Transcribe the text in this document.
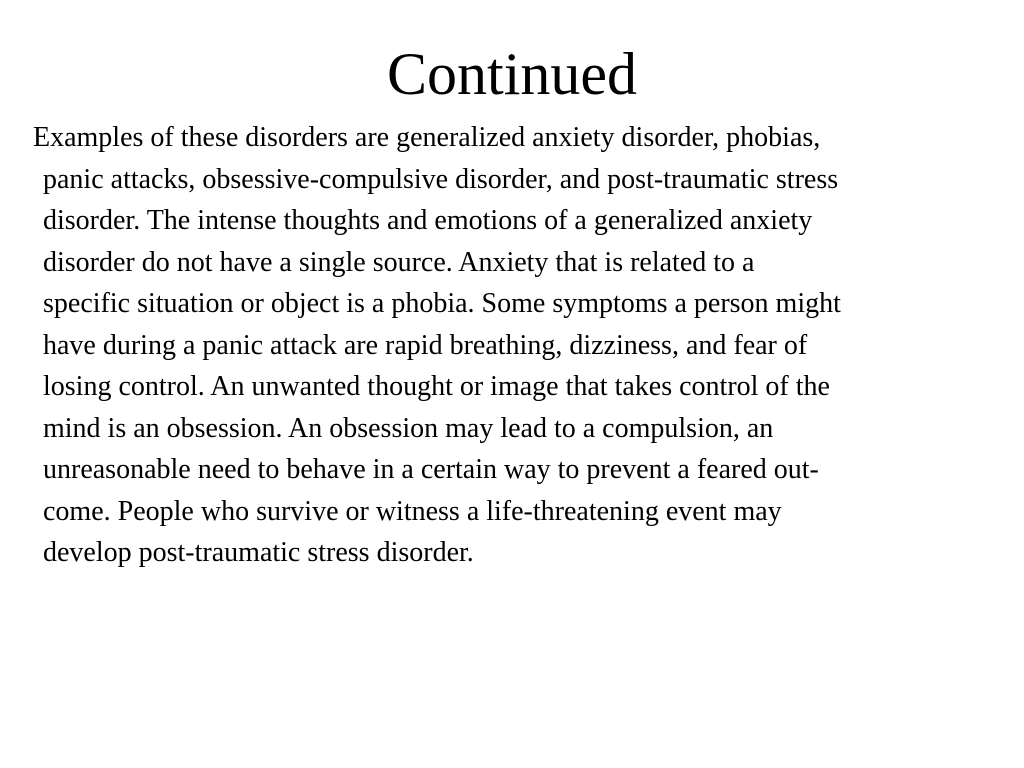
Continued

Examples of these disorders are generalized anxiety disorder, phobias,
panic attacks, obsessive-compulsive disorder, and post-traumatic stress
disorder. The intense thoughts and emotions of a generalized anxiety
disorder do not have a single source. Anxiety that is related to a
specific situation or object is a phobia. Some symptoms a person might
have during a panic attack are rapid breathing, dizziness, and fear of
losing control. An unwanted thought or image that takes control of the
mind is an obsession. An obsession may lead to a compulsion, an
unreasonable need to behave in a certain way to prevent a feared out-
come. People who survive or witness a life-threatening event may
develop post-traumatic stress disorder.
